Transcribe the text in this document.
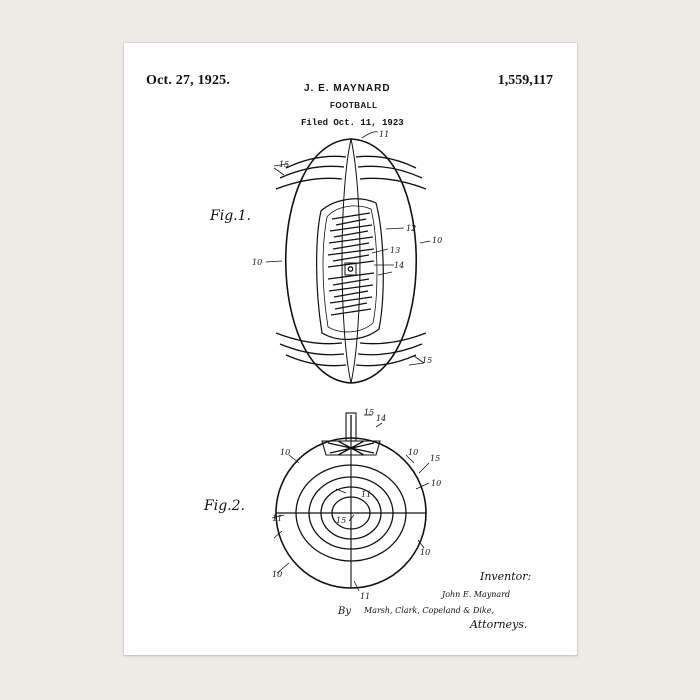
Oct. 27, 1925.	1,559,117
J. E. MAYNARD
FOOTBALL
Filed Oct. 11, 1923
Fig.1.
Fig.2.
11
15
10
12
13
14
10
15
15
14
10	10
15
10
11
11	15
10
10
11
Inventor:
John E. Maynard
By Marsh, Clark, Copeland & Dike,
Attorneys.
